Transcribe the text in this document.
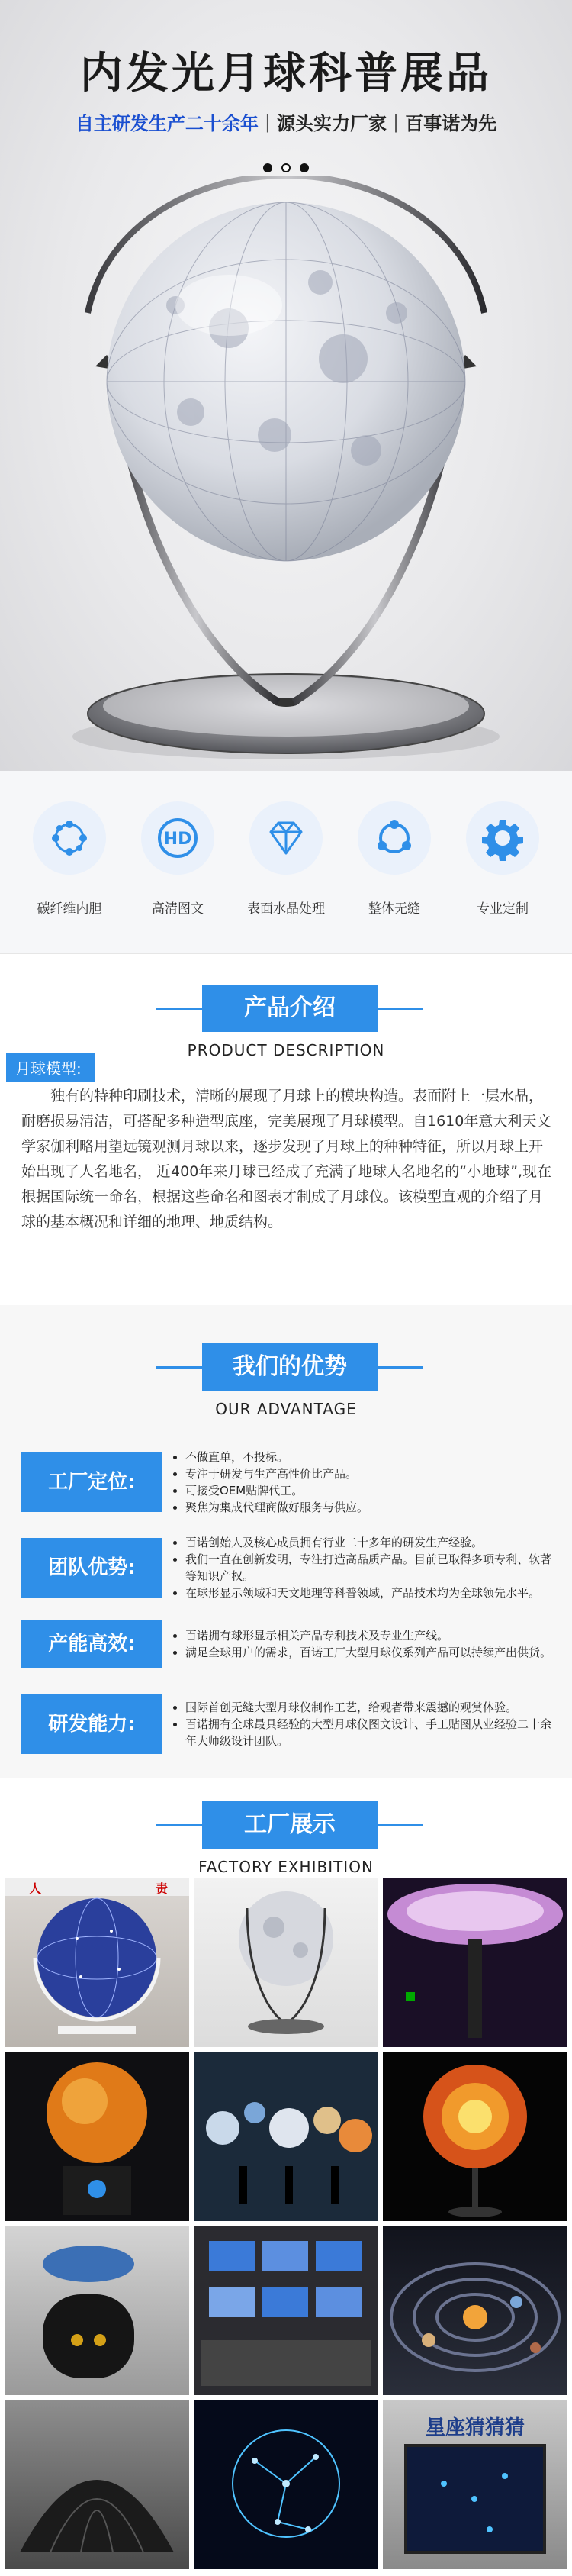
内发光月球科普展品
自主研发生产二十余年 | 源头实力厂家 | 百事诺为先
碳纤维内胆
HD
高清图文	表面水晶处理	整体无缝	专业定制
产品介绍
PRODUCT DESCRIPTION
月球模型:
独有的特种印刷技术，清晰的展现了月球上的模块构造。表面附上一层水晶，耐磨损易清洁，可搭配多种造型底座，完美展现了月球模型。自1610年意大利天文学家伽利略用望远镜观测月球以来，逐步发现了月球上的种种特征，所以月球上开始出现了人名地名， 近400年来月球已经成了充满了地球人名地名的“小地球”,现在根据国际统一命名，根据这些命名和图表才制成了月球仪。该模型直观的介绍了月球的基本概况和详细的地理、地质结构。
我们的优势
OUR ADVANTAGE
工厂定位:
• 不做直单，不投标。
• 专注于研发与生产高性价比产品。
• 可接受OEM贴牌代工。
• 聚焦为集成代理商做好服务与供应。
团队优势:
• 百诺创始人及核心成员拥有行业二十多年的研发生产经验。
• 我们一直在创新发明，专注打造高品质产品。目前已取得多项专利、软著等知识产权。
• 在球形显示领域和天文地理等科普领域，产品技术均为全球领先水平。
产能高效:
•	百诺拥有球形显示相关产品专利技术及专业生产线。
• 满足全球用户的需求，百诺工厂大型月球仪系列产品可以持续产出供货。
研发能力:
• 国际首创无缝大型月球仪制作工艺，给观者带来震撼的观赏体验。
• 百诺拥有全球最具经验的大型月球仪图文设计、手工贴图从业经验二十余年大师级设计团队。
工厂展示
FACTORY EXHIBITION
人	责
星座猜猜猜
